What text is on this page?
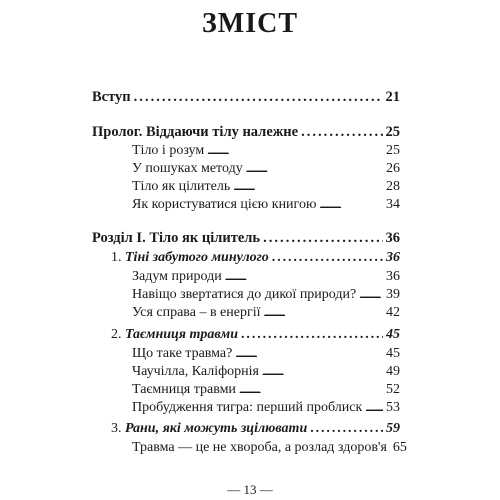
ЗМІСТ
Вступ . . .	21
Пролог. Віддаючи тілу належне . . .	25
Тіло і розум . . .	25
У пошуках методу . . .	26
Тіло як цілитель . . .	28
Як користуватися цією книгою . . .	34
Розділ I. Тіло як цілитель . . .	36
1. Тіні забутого минулого . . .	36
Задум природи . . .	36
Навіщо звертатися до дикої природи? . . . 39
Уся справа – в енергії . . .	42
2. Таємниця травми . . .	45
Що таке травма? . . .	45
Чаучілла, Каліфорнія . . .	49
Таємниця травми . . .	52
Пробудження тигра: перший проблиск . . . 53
3. Рани, які можуть зцілювати . . .	59
Травма — це не хвороба, а розлад здоров'я 65
— 13 —
